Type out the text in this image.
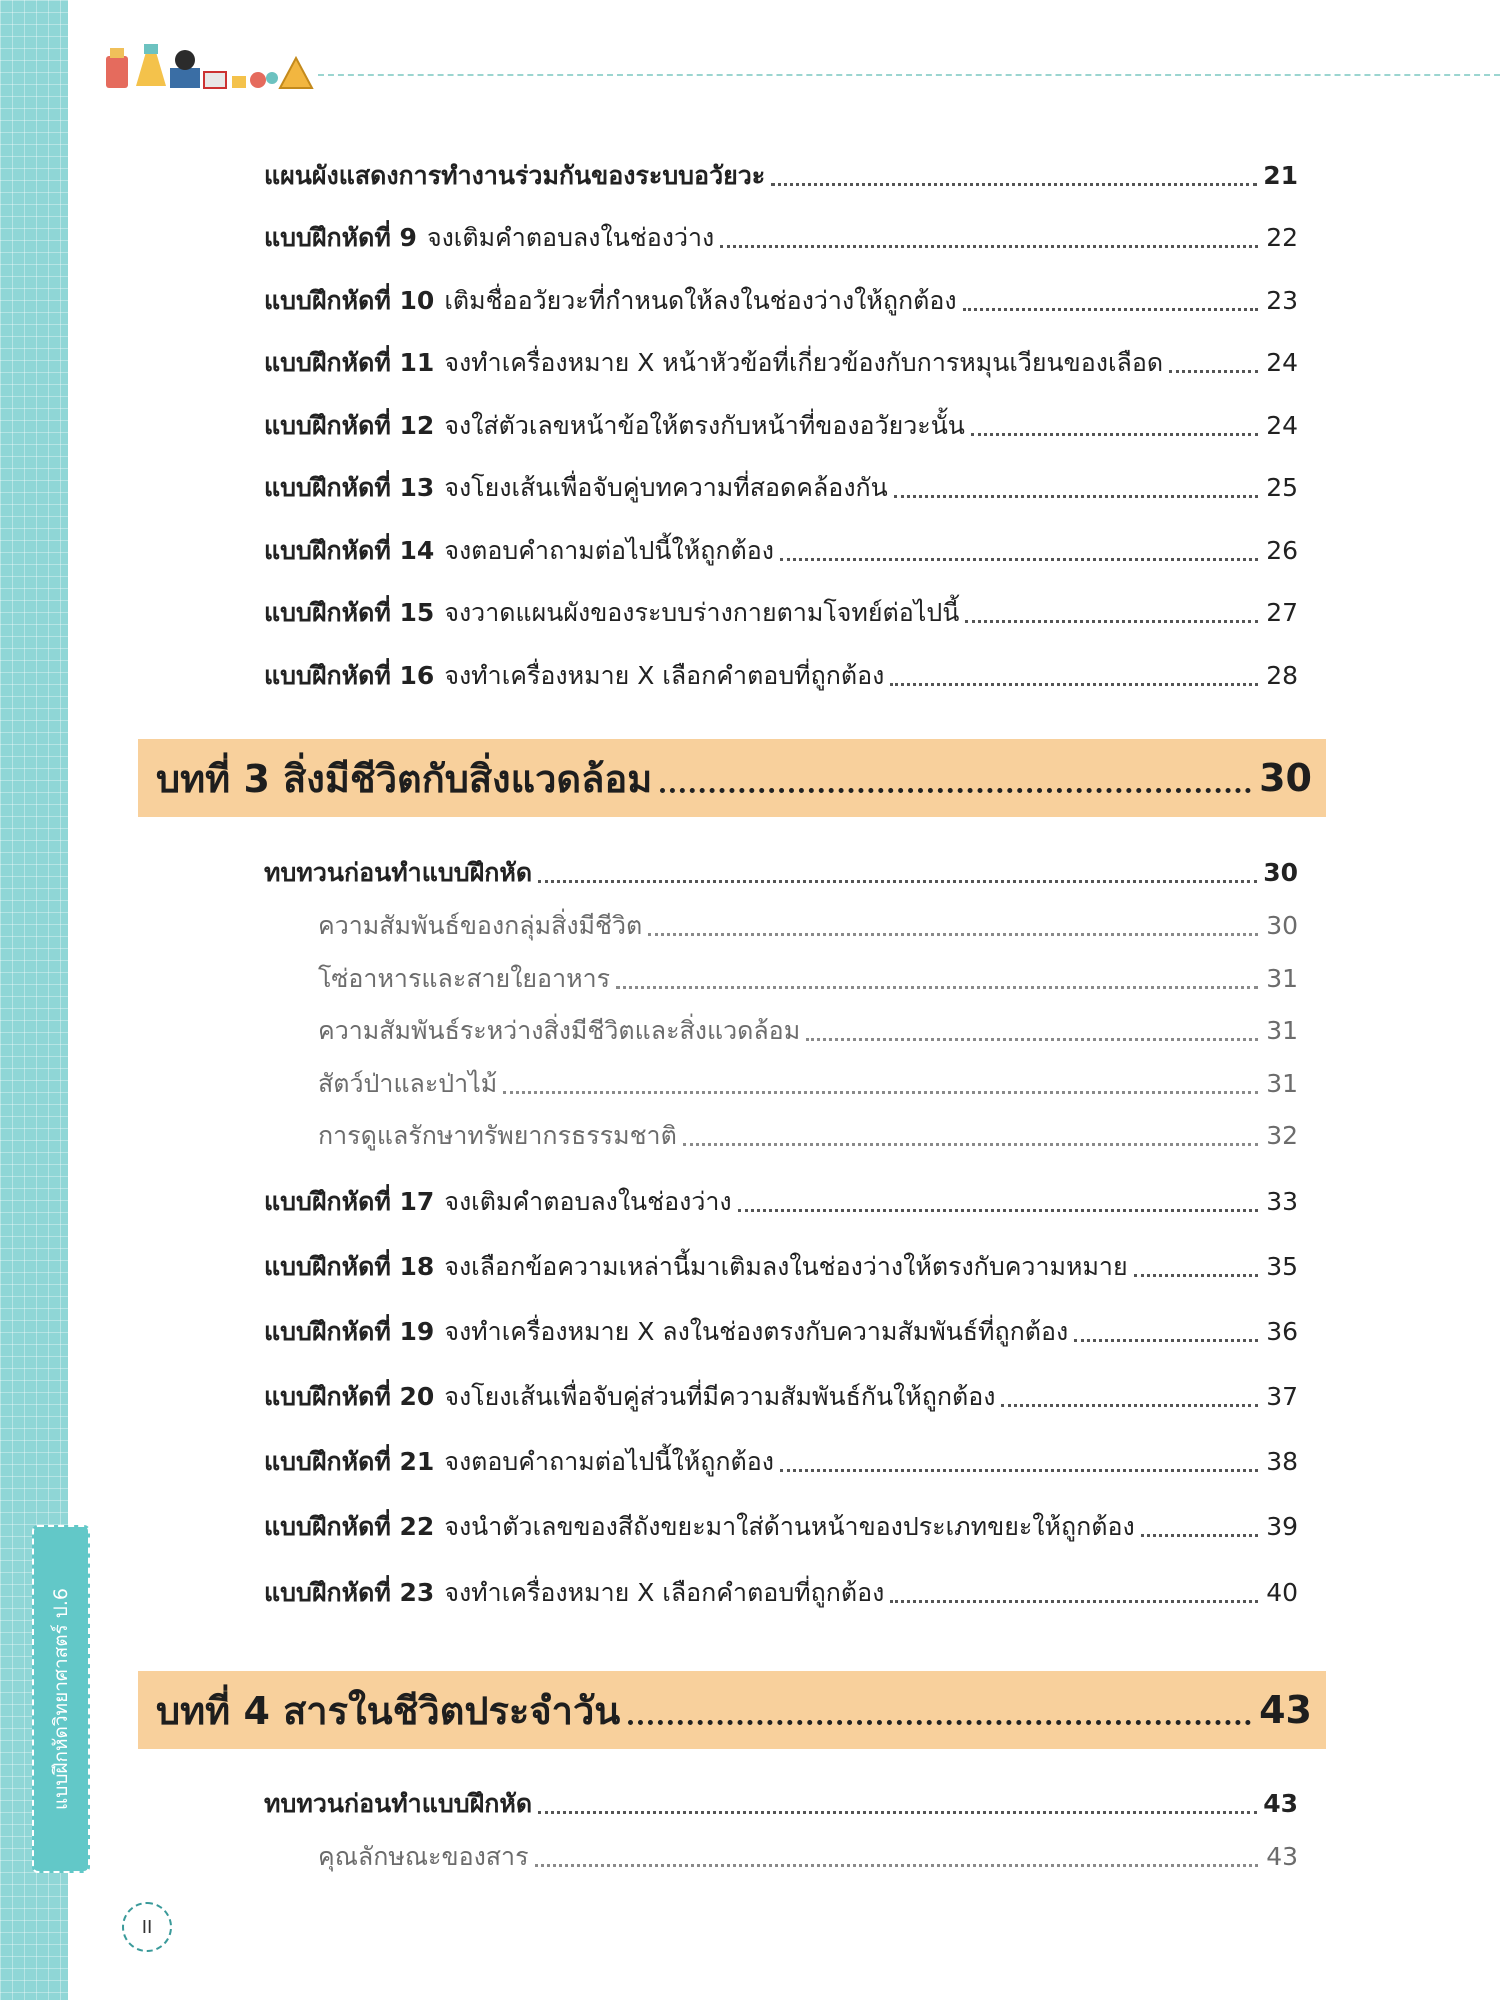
แบบฝึกหัดวิทยาศาสตร์ ป.6
แผนผังแสดงการทำงานร่วมกันของระบบอวัยวะ	21
แบบฝึกหัดที่ 9 จงเติมคำตอบลงในช่องว่าง	22
แบบฝึกหัดที่ 10 เติมชื่ออวัยวะที่กำหนดให้ลงในช่องว่างให้ถูกต้อง	23
แบบฝึกหัดที่ 11 จงทำเครื่องหมาย X หน้าหัวข้อที่เกี่ยวข้องกับการหมุนเวียนของเลือด	24
แบบฝึกหัดที่ 12 จงใส่ตัวเลขหน้าข้อให้ตรงกับหน้าที่ของอวัยวะนั้น	24
แบบฝึกหัดที่ 13 จงโยงเส้นเพื่อจับคู่บทความที่สอดคล้องกัน	25
แบบฝึกหัดที่ 14 จงตอบคำถามต่อไปนี้ให้ถูกต้อง	26
แบบฝึกหัดที่ 15 จงวาดแผนผังของระบบร่างกายตามโจทย์ต่อไปนี้	27
แบบฝึกหัดที่ 16 จงทำเครื่องหมาย X เลือกคำตอบที่ถูกต้อง	28
บทที่ 3 สิ่งมีชีวิตกับสิ่งแวดล้อม	30
ทบทวนก่อนทำแบบฝึกหัด	30
ความสัมพันธ์ของกลุ่มสิ่งมีชีวิต	30
โซ่อาหารและสายใยอาหาร	31
ความสัมพันธ์ระหว่างสิ่งมีชีวิตและสิ่งแวดล้อม	31
สัตว์ป่าและป่าไม้	31
การดูแลรักษาทรัพยากรธรรมชาติ	32
แบบฝึกหัดที่ 17 จงเติมคำตอบลงในช่องว่าง	33
แบบฝึกหัดที่ 18 จงเลือกข้อความเหล่านี้มาเติมลงในช่องว่างให้ตรงกับความหมาย	35
แบบฝึกหัดที่ 19 จงทำเครื่องหมาย X ลงในช่องตรงกับความสัมพันธ์ที่ถูกต้อง	36
แบบฝึกหัดที่ 20 จงโยงเส้นเพื่อจับคู่ส่วนที่มีความสัมพันธ์กันให้ถูกต้อง	37
แบบฝึกหัดที่ 21 จงตอบคำถามต่อไปนี้ให้ถูกต้อง	38
แบบฝึกหัดที่ 22 จงนำตัวเลขของสีถังขยะมาใส่ด้านหน้าของประเภทขยะให้ถูกต้อง	39
แบบฝึกหัดที่ 23 จงทำเครื่องหมาย X เลือกคำตอบที่ถูกต้อง	40
บทที่ 4 สารในชีวิตประจำวัน	43
ทบทวนก่อนทำแบบฝึกหัด	43
คุณลักษณะของสาร	43
II
